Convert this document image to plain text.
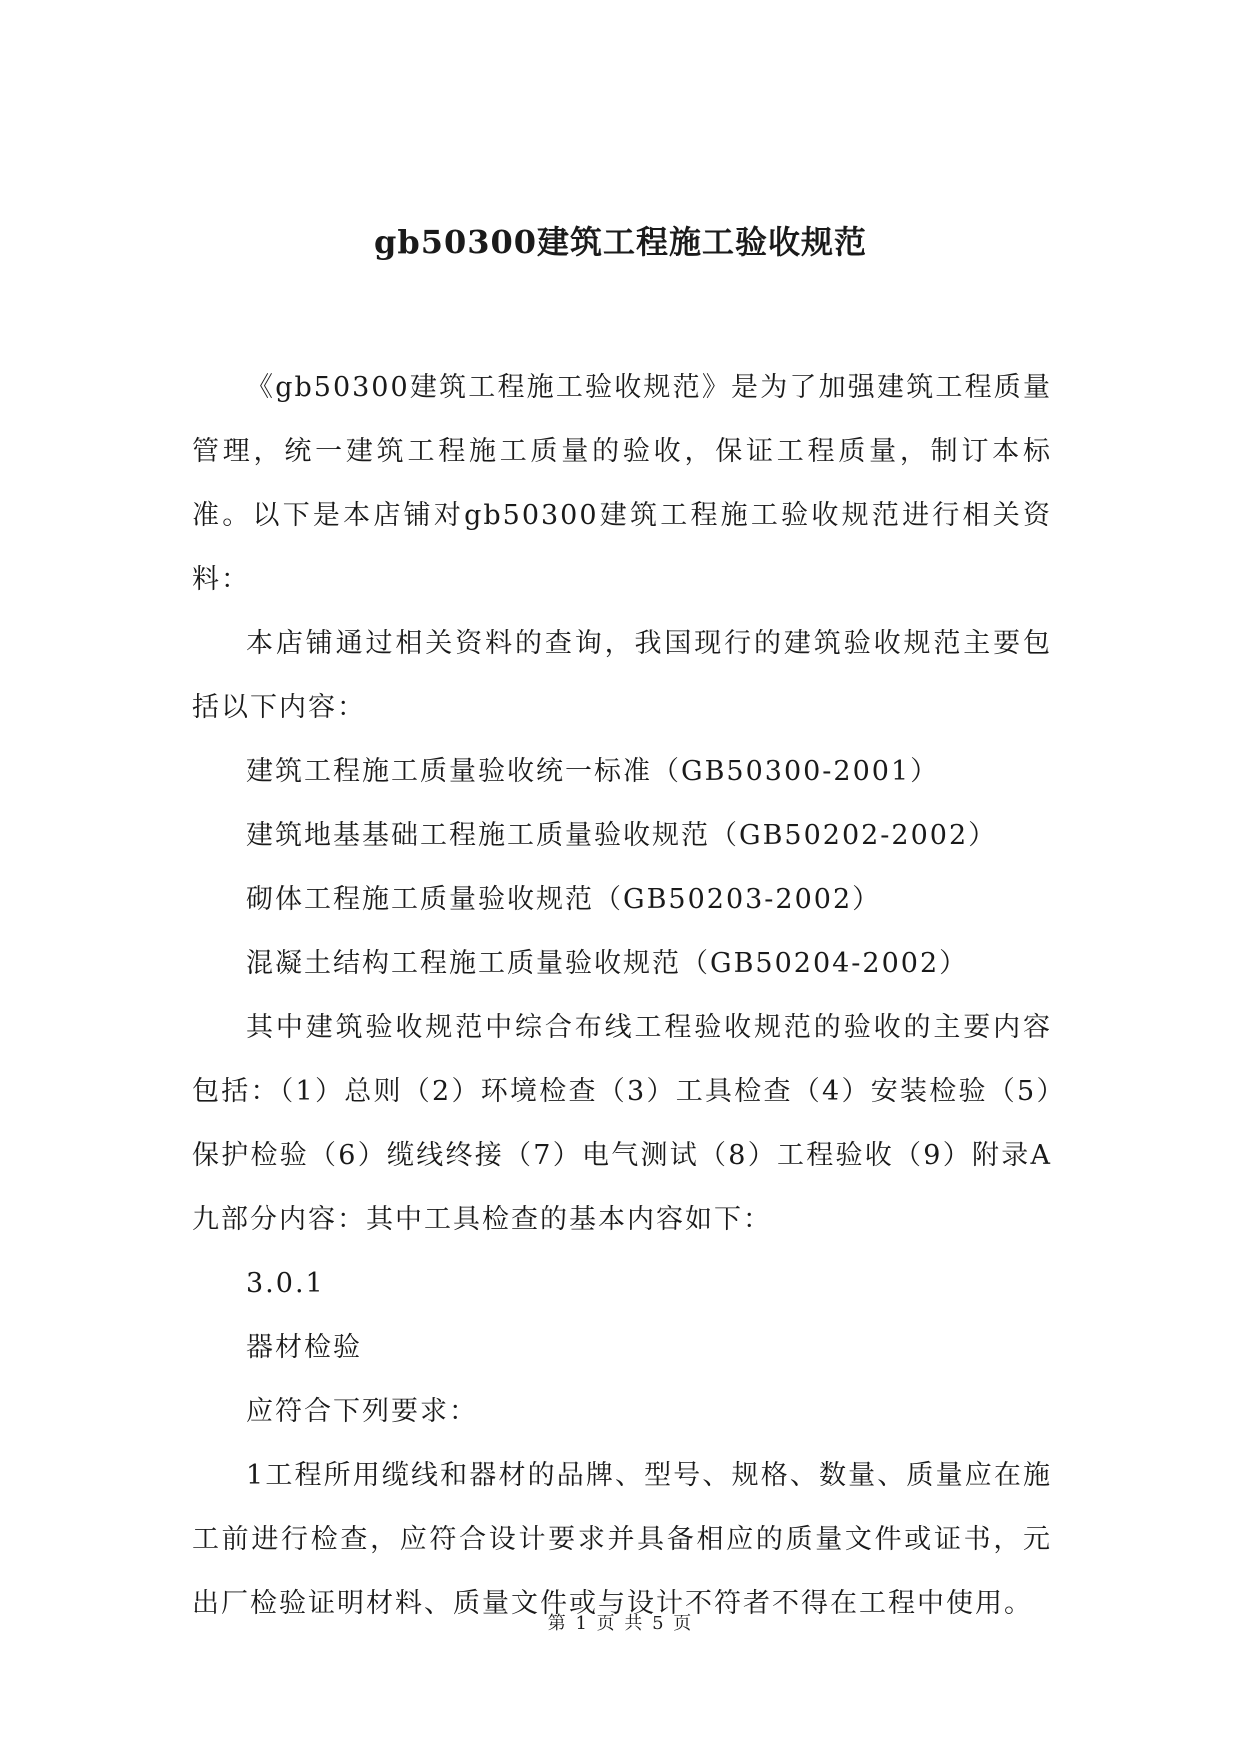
gb50300建筑工程施工验收规范

《gb50300建筑工程施工验收规范》是为了加强建筑工程质量管理，统一建筑工程施工质量的验收，保证工程质量，制订本标准。以下是本店铺对gb50300建筑工程施工验收规范进行相关资料：

本店铺通过相关资料的查询，我国现行的建筑验收规范主要包括以下内容：

建筑工程施工质量验收统一标准（GB50300-2001）

建筑地基基础工程施工质量验收规范（GB50202-2002）

砌体工程施工质量验收规范（GB50203-2002）

混凝土结构工程施工质量验收规范（GB50204-2002）

其中建筑验收规范中综合布线工程验收规范的验收的主要内容包括：（1）总则（2）环境检查（3）工具检查（4）安装检验（5）保护检验（6）缆线终接（7）电气测试（8）工程验收（9）附录A九部分内容：其中工具检查的基本内容如下：

3.0.1

器材检验

应符合下列要求：

1工程所用缆线和器材的品牌、型号、规格、数量、质量应在施工前进行检查，应符合设计要求并具备相应的质量文件或证书，元出厂检验证明材料、质量文件或与设计不符者不得在工程中使用。

第 1 页 共 5 页
